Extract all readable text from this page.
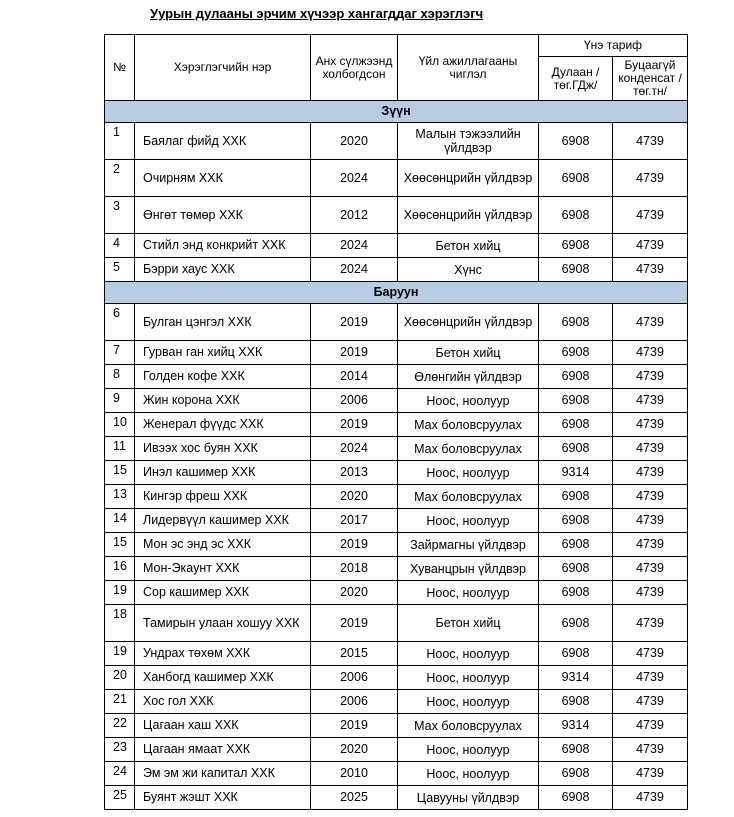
Уурын дулааны эрчим хүчээр хангагддаг хэрэглэгч
№	Хэрэглэгчийн нэр	Анх сүлжээнд холбогдсон	Үйл ажиллагааны чиглэл	Үнэ тариф	
				Дулаан /төг.ГДж/	Буцаагүй конденсат /төг.тн/
Зүүн					
1	Баялаг фийд ХХК	2020	Малын тэжээлийн үйлдвэр	6908	4739
2	Очирням ХХК	2024	Хөөсөнцрийн үйлдвэр	6908	4739
3	Өнгөт төмөр ХХК	2012	Хөөсөнцрийн үйлдвэр	6908	4739
4	Стийл энд конкрийт ХХК	2024	Бетон хийц	6908	4739
5	Бэрри хаус ХХК	2024	Хүнс	6908	4739
Баруун					
6	Булган цэнгэл ХХК	2019	Хөөсөнцрийн үйлдвэр	6908	4739
7	Гурван ган хийц ХХК	2019	Бетон хийц	6908	4739
8	Голден кофе ХХК	2014	Өлөнгийн үйлдвэр	6908	4739
9	Жин корона ХХК	2006	Ноос, ноолуур	6908	4739
10	Женерал фүүдс ХХК	2019	Мах боловсруулах	6908	4739
11	Ивээх хос буян ХХК	2024	Мах боловсруулах	6908	4739
15	Инэл кашимер ХХК	2013	Ноос, ноолуур	9314	4739
13	Кингэр фреш ХХК	2020	Мах боловсруулах	6908	4739
14	Лидервүүл кашимер ХХК	2017	Ноос, ноолуур	6908	4739
15	Мон эс энд эс ХХК	2019	Зайрмагны үйлдвэр	6908	4739
16	Мон-Экаунт ХХК	2018	Хуванцрын үйлдвэр	6908	4739
19	Сор кашимер ХХК	2020	Ноос, ноолуур	6908	4739
18	Тамирын улаан хошуу ХХК	2019	Бетон хийц	6908	4739
19	Ундрах төхөм ХХК	2015	Ноос, ноолуур	6908	4739
20	Ханбогд кашимер ХХК	2006	Ноос, ноолуур	9314	4739
21	Хос гол ХХК	2006	Ноос, ноолуур	6908	4739
22	Цагаан хаш ХХК	2019	Мах боловсруулах	9314	4739
23	Цагаан ямаат ХХК	2020	Ноос, ноолуур	6908	4739
24	Эм эм жи капитал ХХК	2010	Ноос, ноолуур	6908	4739
25	Буянт жэшт ХХК	2025	Цавууны үйлдвэр	6908	4739
